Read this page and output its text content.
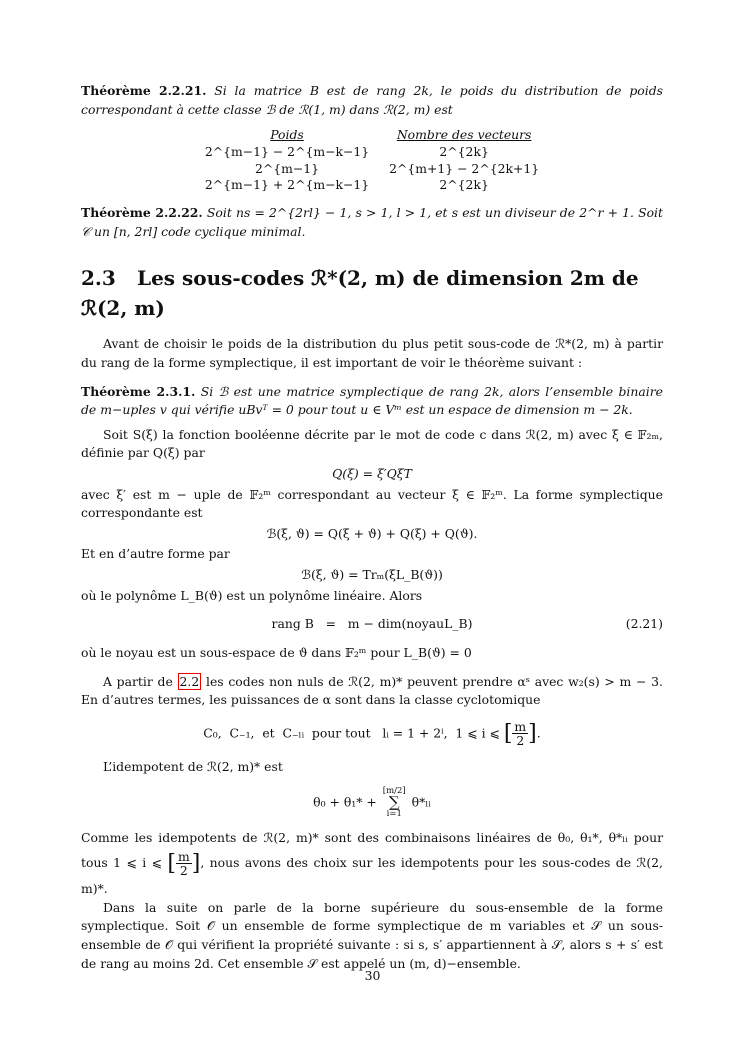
Théorème 2.2.21. Si la matrice B est de rang 2k, le poids du distribution de poids correspondant à cette classe ℬ de ℛ(1, m) dans ℛ(2, m) est

Poids	Nombre des vecteurs
2^{m−1} − 2^{m−k−1}	2^{2k}
2^{m−1}	2^{m+1} − 2^{2k+1}
2^{m−1} + 2^{m−k−1}	2^{2k}

Théorème 2.2.22. Soit ns = 2^{2rl} − 1, s > 1, l > 1, et s est un diviseur de 2^r + 1. Soit 𝒞 un [n, 2rl] code cyclique minimal.

2.3 Les sous-codes ℛ*(2, m) de dimension 2m de ℛ(2, m)

Avant de choisir le poids de la distribution du plus petit sous-code de ℛ*(2, m) à partir du rang de la forme symplectique, il est important de voir le théorème suivant :

Théorème 2.3.1. Si ℬ est une matrice symplectique de rang 2k, alors l’ensemble binaire de m−uples v qui vérifie uBvᵀ = 0 pour tout u ∈ Vᵐ est un espace de dimension m − 2k.

Soit S(ξ) la fonction booléenne décrite par le mot de code c dans ℛ(2, m) avec ξ ∈ 𝔽₂ₘ, définie par Q(ξ) par

Q(ξ) = ξ′QξT

avec ξ′ est m − uple de 𝔽₂ᵐ correspondant au vecteur ξ ∈ 𝔽₂ᵐ. La forme symplectique correspondante est

ℬ(ξ, ϑ) = Q(ξ + ϑ) + Q(ξ) + Q(ϑ).

Et en d’autre forme par

ℬ(ξ, ϑ) = Trₘ(ξL_B(ϑ))

où le polynôme L_B(ϑ) est un polynôme linéaire. Alors

rang B   =   m − dim(noyauL_B)	(2.21)

où le noyau est un sous-espace de ϑ dans 𝔽₂ᵐ pour L_B(ϑ) = 0

A partir de 2.2 les codes non nuls de ℛ(2, m)* peuvent prendre αˢ avec w₂(s) > m − 3. En d’autres termes, les puissances de α sont dans la classe cyclotomique

C₀,  C₋₁,  et  C₋ₗᵢ  pour tout   lᵢ = 1 + 2ⁱ,  1 ⩽ i ⩽ [ $\frac{m}{2}$ ].

L’idempotent de ℛ(2, m)* est

θ₀ + θ₁* +
[m/2]
∑
i=1
θ*ₗᵢ

Comme les idempotents de ℛ(2, m)* sont des combinaisons linéaires de θ₀, θ₁*, θ*ₗᵢ pour tous 1 ⩽ i ⩽ [ $\frac{m}{2}$ ], nous avons des choix sur les idempotents pour les sous-codes de ℛ(2, m)*.

Dans la suite on parle de la borne supérieure du sous-ensemble de la forme symplectique. Soit 𝒪 un ensemble de forme symplectique de m variables et 𝒮 un sous-ensemble de 𝒪 qui vérifient la propriété suivante : si s, s′ appartiennent à 𝒮, alors s + s′ est de rang au moins 2d. Cet ensemble 𝒮 est appelé un (m, d)−ensemble.

30
